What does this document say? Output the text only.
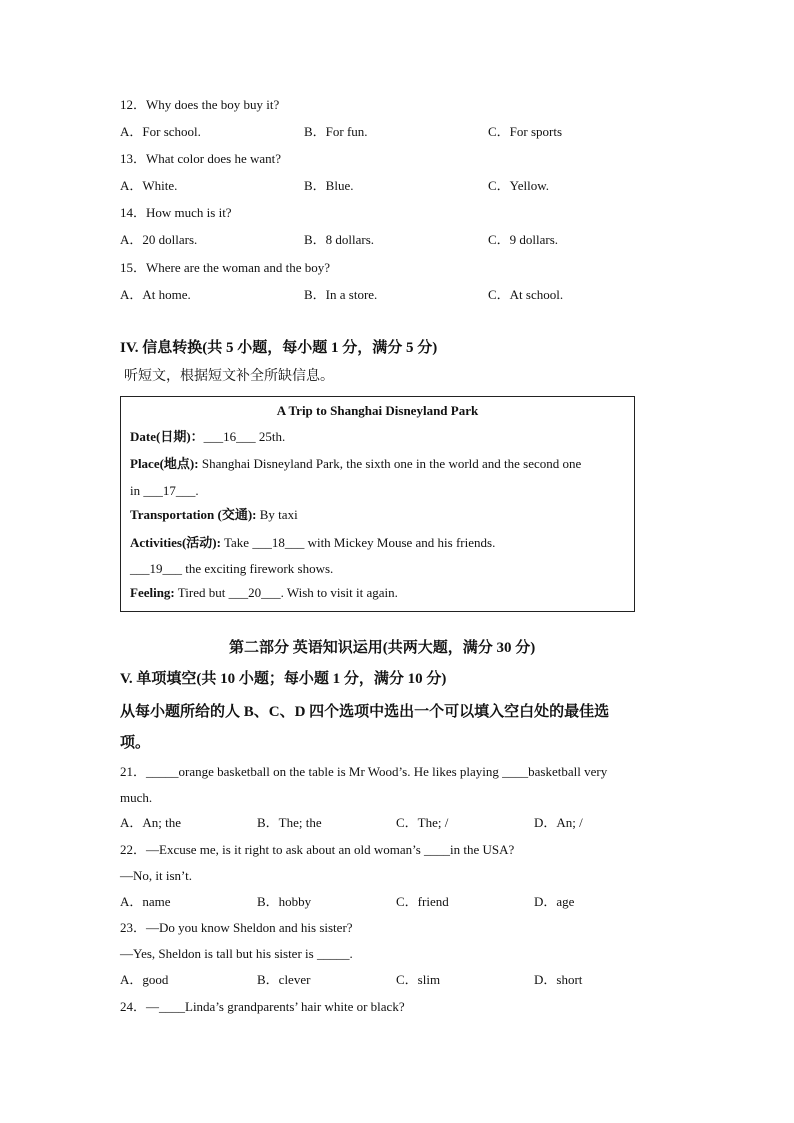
12．Why does the boy buy it?
A．For school.	B．For fun.	C．For sports
13．What color does he want?
A．White.	B．Blue.	C．Yellow.
14．How much is it?
A．20 dollars.	B．8 dollars.	C．9 dollars.
15．Where are the woman and the boy?
A．At home.	B．In a store.	C．At school.
IV. 信息转换(共 5 小题，每小题 1 分，满分 5 分)
听短文，根据短文补全所缺信息。
A Trip to Shanghai Disneyland Park
Date(日期)：___16___ 25th.
Place(地点): Shanghai Disneyland Park, the sixth one in the world and the second one
in ___17___.
Transportation (交通): By taxi
Activities(活动): Take ___18___ with Mickey Mouse and his friends.
___19___ the exciting firework shows.
Feeling: Tired but ___20___. Wish to visit it again.
第二部分 英语知识运用(共两大题，满分 30 分)
V. 单项填空(共 10 小题；每小题 1 分，满分 10 分)
从每小题所给的人 B、C、D 四个选项中选出一个可以填入空白处的最佳选
项。
21．_____orange basketball on the table is Mr Wood’s. He likes playing ____basketball very
much.
A．An; the	B．The; the	C．The; /	D．An; /
22．—Excuse me, is it right to ask about an old woman’s ____in the USA?
—No, it isn’t.
A．name	B．hobby	C．friend	D．age
23．—Do you know Sheldon and his sister?
—Yes, Sheldon is tall but his sister is _____.
A．good	B．clever	C．slim	D．short
24．—____Linda’s grandparents’ hair white or black?
